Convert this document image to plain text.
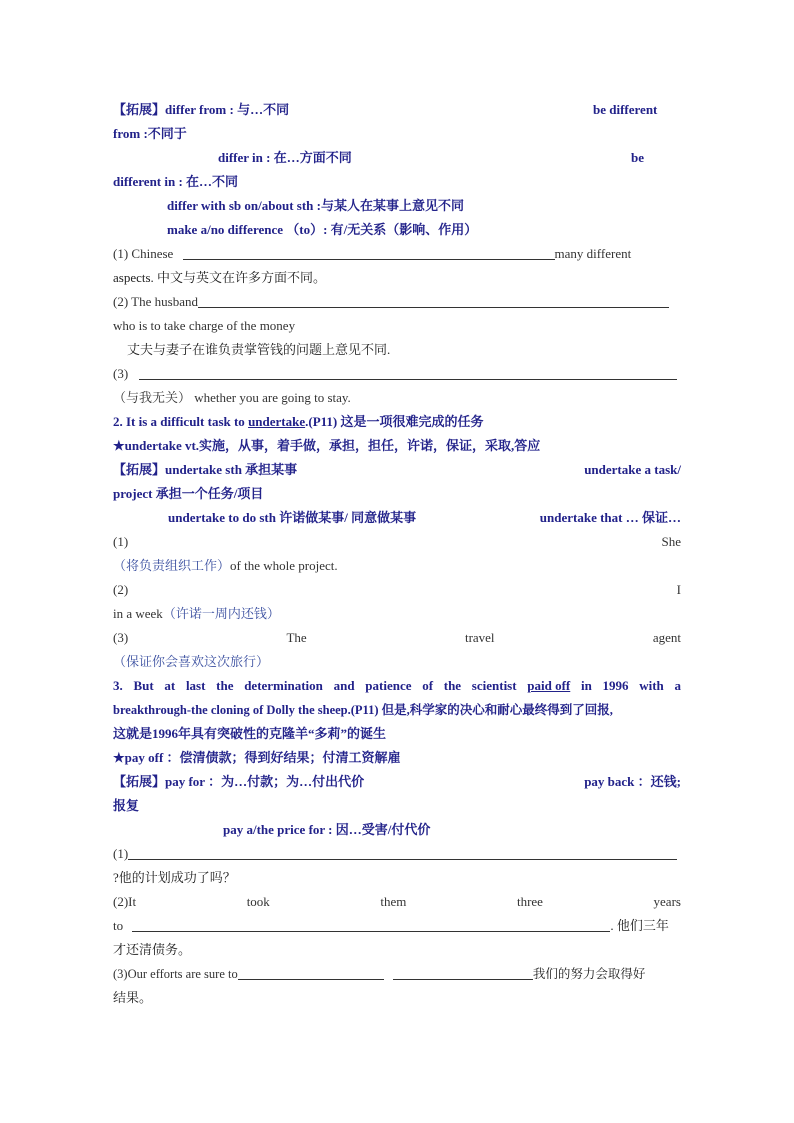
【拓展】differ from : 与…不同	be different
from :不同于
differ in : 在…方面不同	be
different in : 在…不同
differ with sb on/about sth :与某人在某事上意见不同
make a/no difference （to）: 有/无关系（影响、作用）
(1) Chinese	many different
aspects. 中文与英文在许多方面不同。
(2) The husband
who is to take charge of the money
丈夫与妻子在谁负责掌管钱的问题上意见不同.
(3)
（与我无关） whether you are going to stay.
2. It is a difficult task to undertake.(P11) 这是一项很难完成的任务
★undertake vt.实施，从事，着手做，承担，担任，许诺，保证，采取,答应
【拓展】undertake sth 承担某事	undertake a task/
project 承担一个任务/项目
undertake to do sth 许诺做某事/ 同意做某事	undertake that … 保证…
(1)	She
（将负责组织工作）of the whole project.
(2)	I
in a week（许诺一周内还钱）
(3)	The	travel	agent
（保证你会喜欢这次旅行）
3. But at last the determination and patience of the scientist paid off in 1996 with a
breakthrough-the cloning of Dolly the sheep.(P11) 但是,科学家的决心和耐心最终得到了回报,
这就是1996年具有突破性的克隆羊“多莉”的诞生
★pay off ：偿清债款；得到好结果；付清工资解雇
【拓展】pay for ：为…付款；为…付出代价	pay back ：还钱;
报复
pay a/the price for : 因…受害/付代价
(1)
?他的计划成功了吗？
(2)It	took	them	three	years
to	. 他们三年
才还清债务。
(3)Our efforts are sure to	我们的努力会取得好
结果。
